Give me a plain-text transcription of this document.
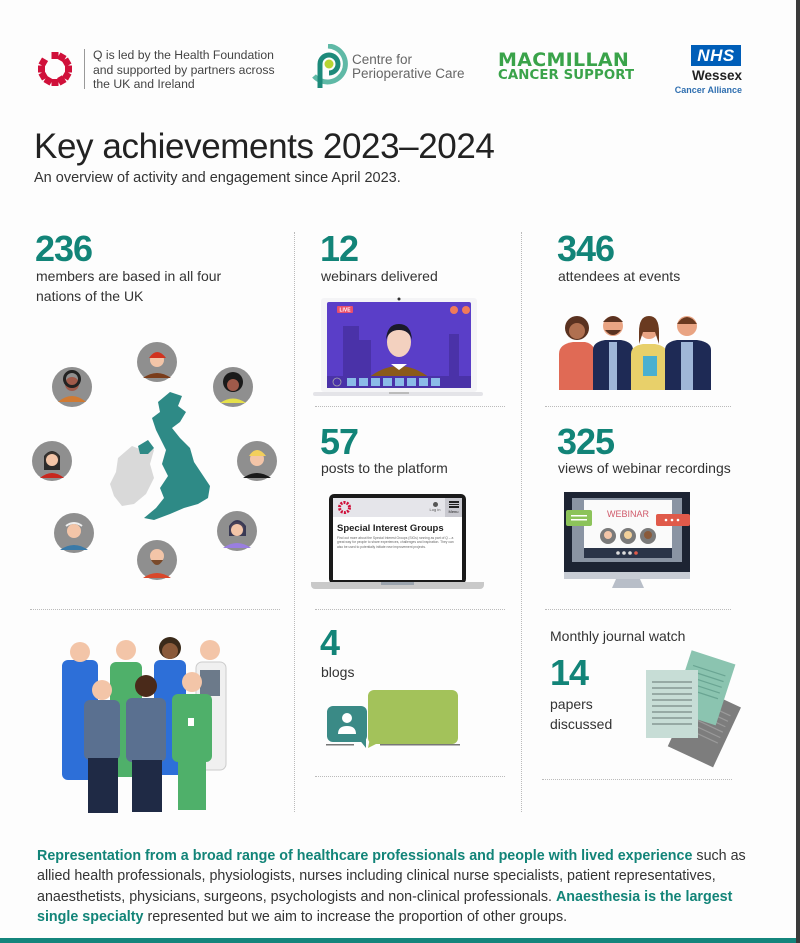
Q is led by the Health Foundation
and supported by partners across
the UK and Ireland
Centre for
Perioperative Care
MACMILLAN
CANCER SUPPORT
NHS
Wessex
Cancer Alliance
Key achievements 2023–2024
An overview of activity and engagement since April 2023.
236
members are based in all four
nations of the UK
12
webinars delivered
LIVE
57
posts to the platform
Log in	Menu
Special Interest Groups
Find out more about the Special Interest Groups (SIGs) running as part of Q – a great way for people to share experiences, challenges and inspiration. They can also be used to potentially initiate new improvement projects.
4
blogs
346
attendees at events
325
views of webinar recordings
WEBINAR
Monthly journal watch
14
papers
discussed
Representation from a broad range of healthcare professionals and people with lived experience such as allied health professionals, physiologists, nurses including clinical nurse specialists, patient representatives, anaesthetists, physicians, surgeons, psychologists and non-clinical professionals. Anaesthesia is the largest single specialty represented but we aim to increase the proportion of other groups.
